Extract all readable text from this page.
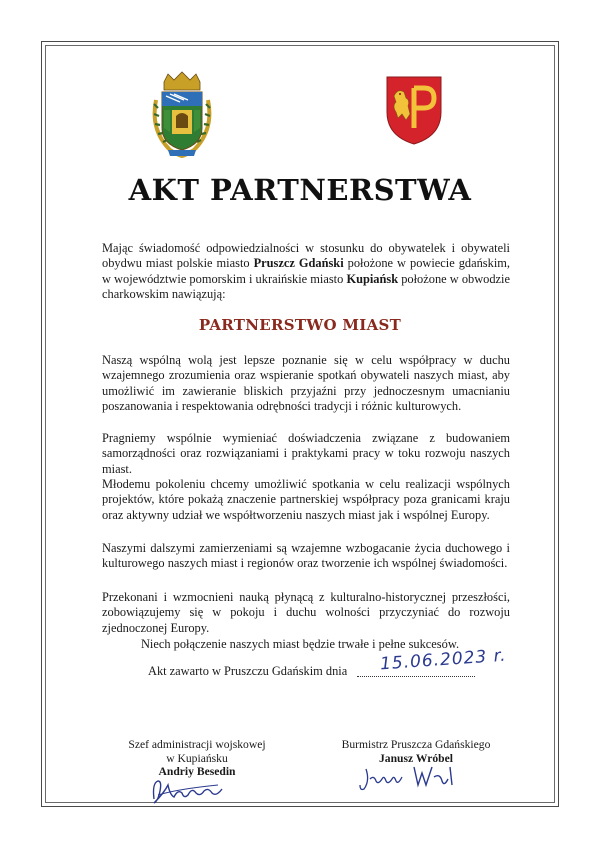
AKT PARTNERSTWA
Mając świadomość odpowiedzialności w stosunku do obywatelek i obywateli obydwu miast polskie miasto Pruszcz Gdański położone w powiecie gdańskim, w województwie pomorskim i ukraińskie miasto Kupiańsk położone w obwodzie charkowskim nawiązują:
PARTNERSTWO MIAST
Naszą wspólną wolą jest lepsze poznanie się w celu współpracy w duchu wzajemnego zrozumienia oraz wspieranie spotkań obywateli naszych miast, aby umożliwić im zawieranie bliskich przyjaźni przy jednoczesnym umacnianiu poszanowania i respektowania odrębności tradycji i różnic kulturowych.
Pragniemy wspólnie wymieniać doświadczenia związane z budowaniem samorządności oraz rozwiązaniami i praktykami pracy w toku rozwoju naszych miast.
Młodemu pokoleniu chcemy umożliwić spotkania w celu realizacji wspólnych projektów, które pokażą znaczenie partnerskiej współpracy poza granicami kraju oraz aktywny udział we współtworzeniu naszych miast jak i wspólnej Europy.
Naszymi dalszymi zamierzeniami są wzajemne wzbogacanie życia duchowego i kulturowego naszych miast i regionów oraz tworzenie ich wspólnej świadomości.
Przekonani i wzmocnieni nauką płynącą z kulturalno-historycznej przeszłości, zobowiązujemy się w pokoju i duchu wolności przyczyniać do rozwoju zjednoczonej Europy.
Niech połączenie naszych miast będzie trwałe i pełne sukcesów.
Akt zawarto w Pruszczu Gdańskim dnia 15.06.2023 r.
Szef administracji wojskowej
w Kupiańsku
Andriy Besedin
Burmistrz Pruszcza Gdańskiego
Janusz Wróbel
